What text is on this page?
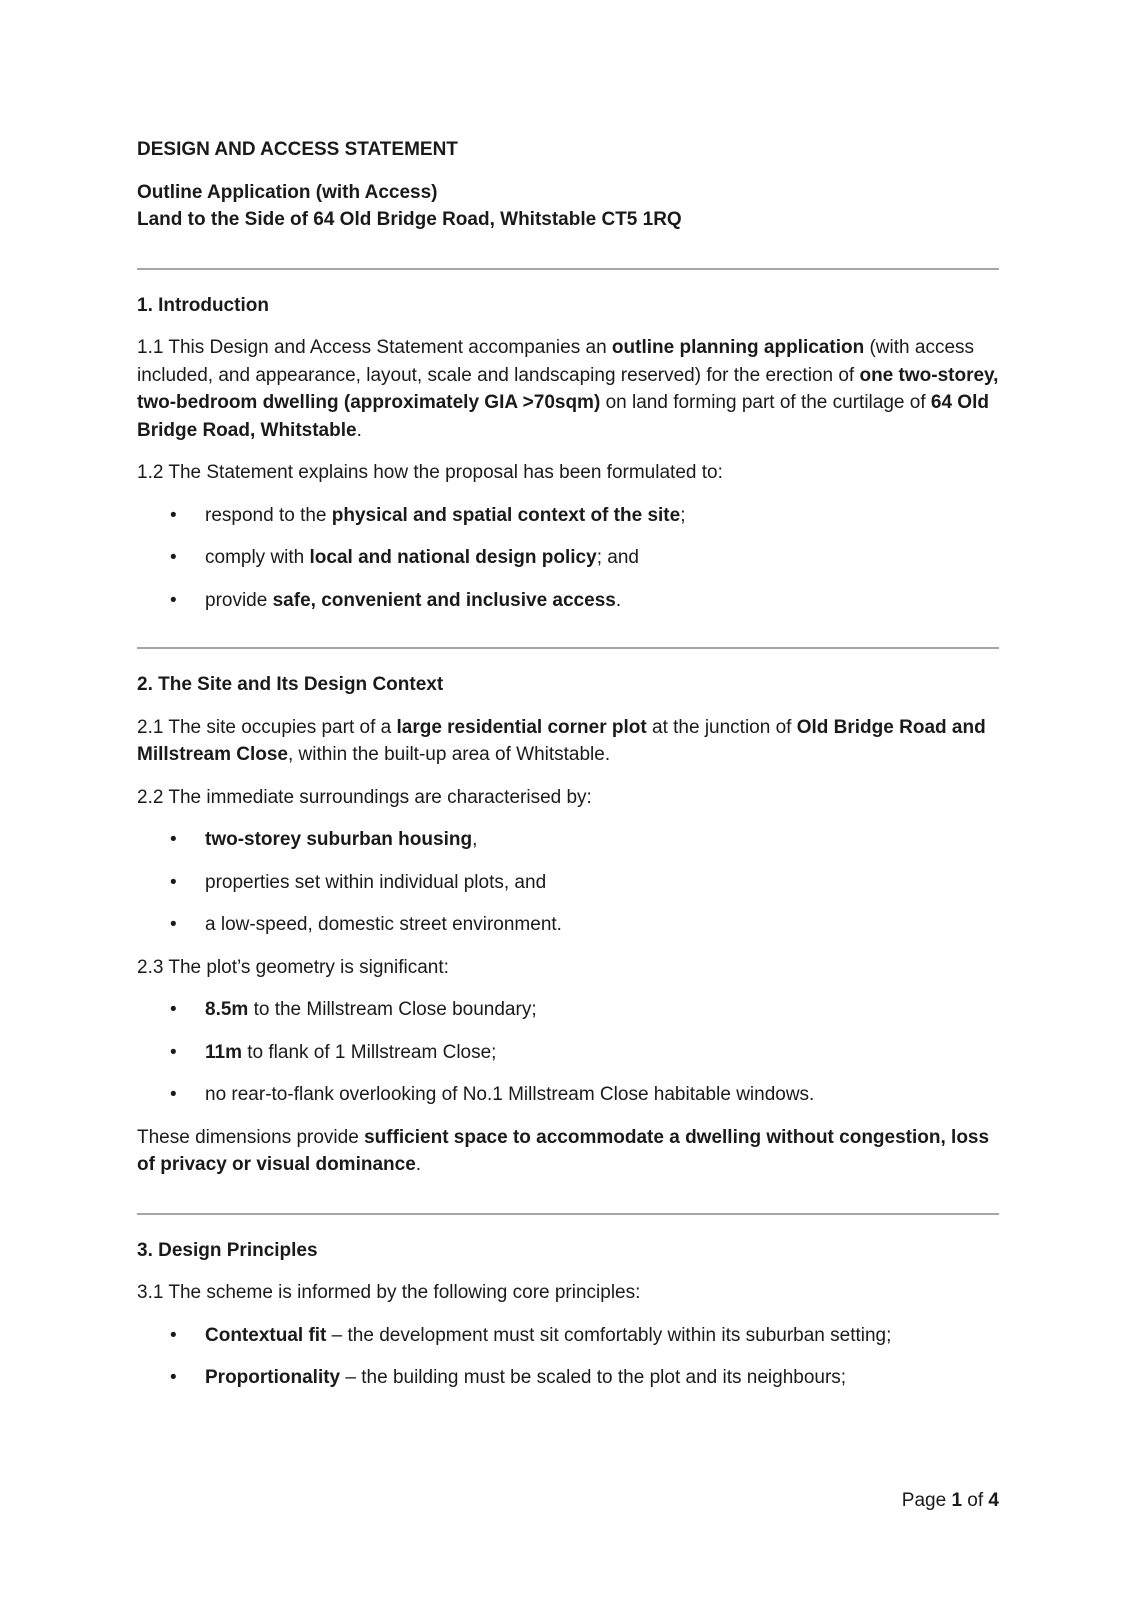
DESIGN AND ACCESS STATEMENT

Outline Application (with Access)

Land to the Side of 64 Old Bridge Road, Whitstable CT5 1RQ

1. Introduction

1.1 This Design and Access Statement accompanies an outline planning application (with access included, and appearance, layout, scale and landscaping reserved) for the erection of one two-storey, two-bedroom dwelling (approximately GIA >70sqm) on land forming part of the curtilage of 64 Old Bridge Road, Whitstable.

1.2 The Statement explains how the proposal has been formulated to:

• respond to the physical and spatial context of the site;
• comply with local and national design policy; and
• provide safe, convenient and inclusive access.
2. The Site and Its Design Context

2.1 The site occupies part of a large residential corner plot at the junction of Old Bridge Road and Millstream Close, within the built-up area of Whitstable.

2.2 The immediate surroundings are characterised by:

• two-storey suburban housing,
• properties set within individual plots, and
• a low-speed, domestic street environment.

2.3 The plot’s geometry is significant:

• 8.5m to the Millstream Close boundary;
• 11m to flank of 1 Millstream Close;
• no rear-to-flank overlooking of No.1 Millstream Close habitable windows.

These dimensions provide sufficient space to accommodate a dwelling without congestion, loss of privacy or visual dominance.

3. Design Principles

3.1 The scheme is informed by the following core principles:

• Contextual fit – the development must sit comfortably within its suburban setting;
• Proportionality – the building must be scaled to the plot and its neighbours;
Page 1 of 4
